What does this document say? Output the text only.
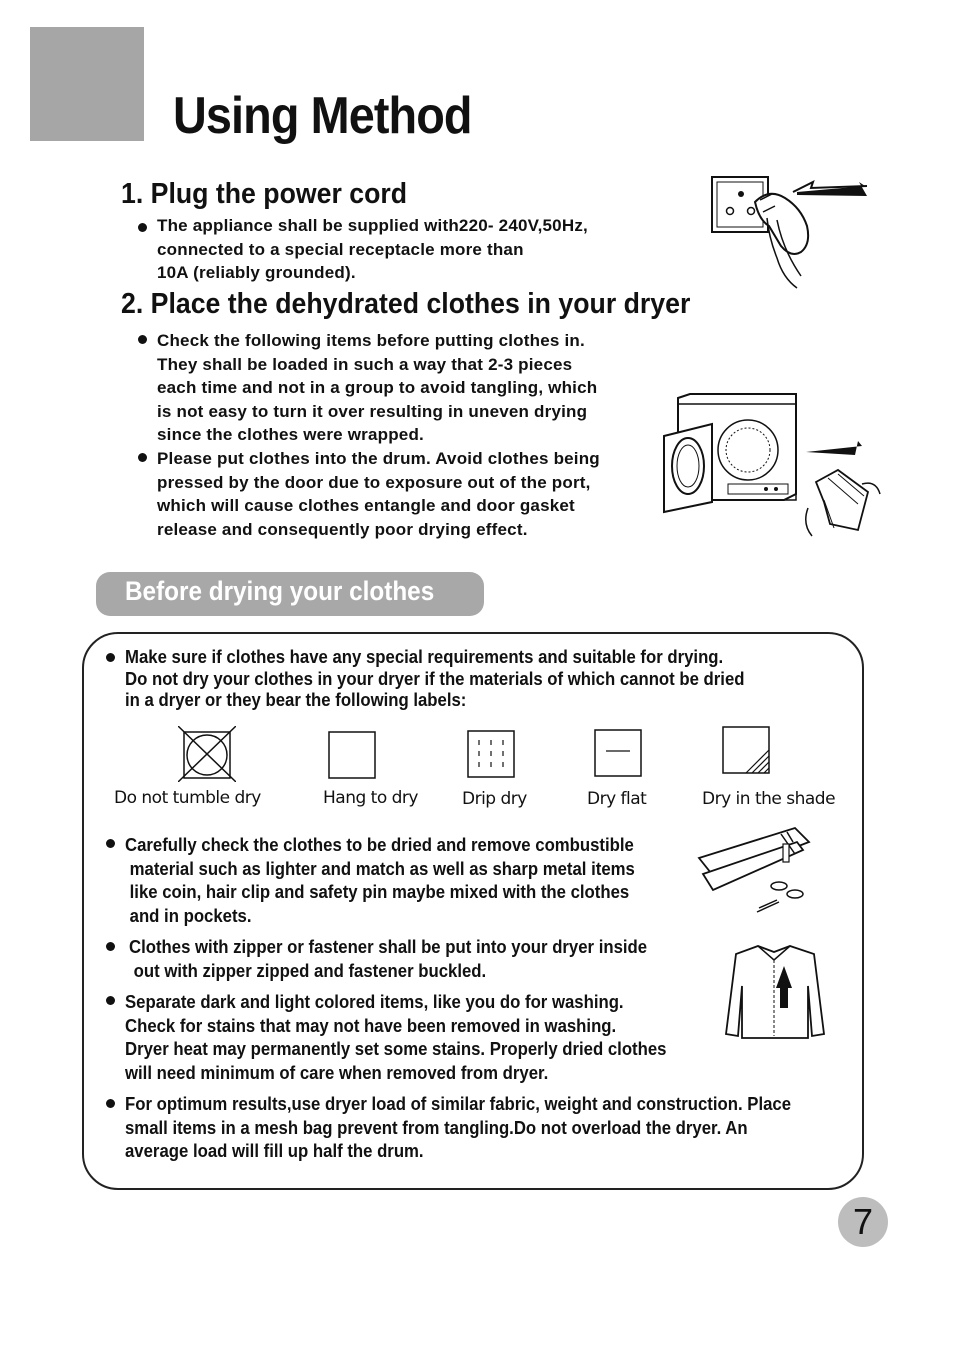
Using Method
1. Plug the power cord
The appliance shall be supplied with220- 240V,50Hz,
connected to a special receptacle more than
10A (reliably grounded).
2. Place the dehydrated clothes in your dryer
Check the following items before putting clothes in.
They shall be loaded in such a way that 2-3 pieces
each time and not in a group to avoid tangling, which
is not easy to turn it over resulting in uneven drying
since the clothes were wrapped.
Please put clothes into the drum. Avoid clothes being
pressed by the door due to exposure out of the port,
which will cause clothes entangle and door gasket
release and consequently poor drying effect.
Before drying your clothes
Make sure if clothes have any special requirements and suitable for drying.
Do not dry your clothes in your dryer if the materials of which cannot be dried
in a dryer or they bear the following labels:
Do not tumble dry	Hang to dry	Drip dry	Dry flat	Dry in the shade
Carefully check the clothes to be dried and remove combustible
material such as lighter and match as well as sharp metal items
like coin, hair clip and safety pin maybe mixed with the clothes
and in pockets.
Clothes with zipper or fastener shall be put into your dryer inside
out with zipper zipped and fastener buckled.
Separate dark and light colored items, like you do for washing.
Check for stains that may not have been removed in washing.
Dryer heat may permanently set some stains. Properly dried clothes
will need minimum of care when removed from dryer.
For optimum results,use dryer load of similar fabric, weight and construction. Place
small items in a mesh bag prevent from tangling.Do not overload the dryer. An
average load will fill up half the drum.
7
